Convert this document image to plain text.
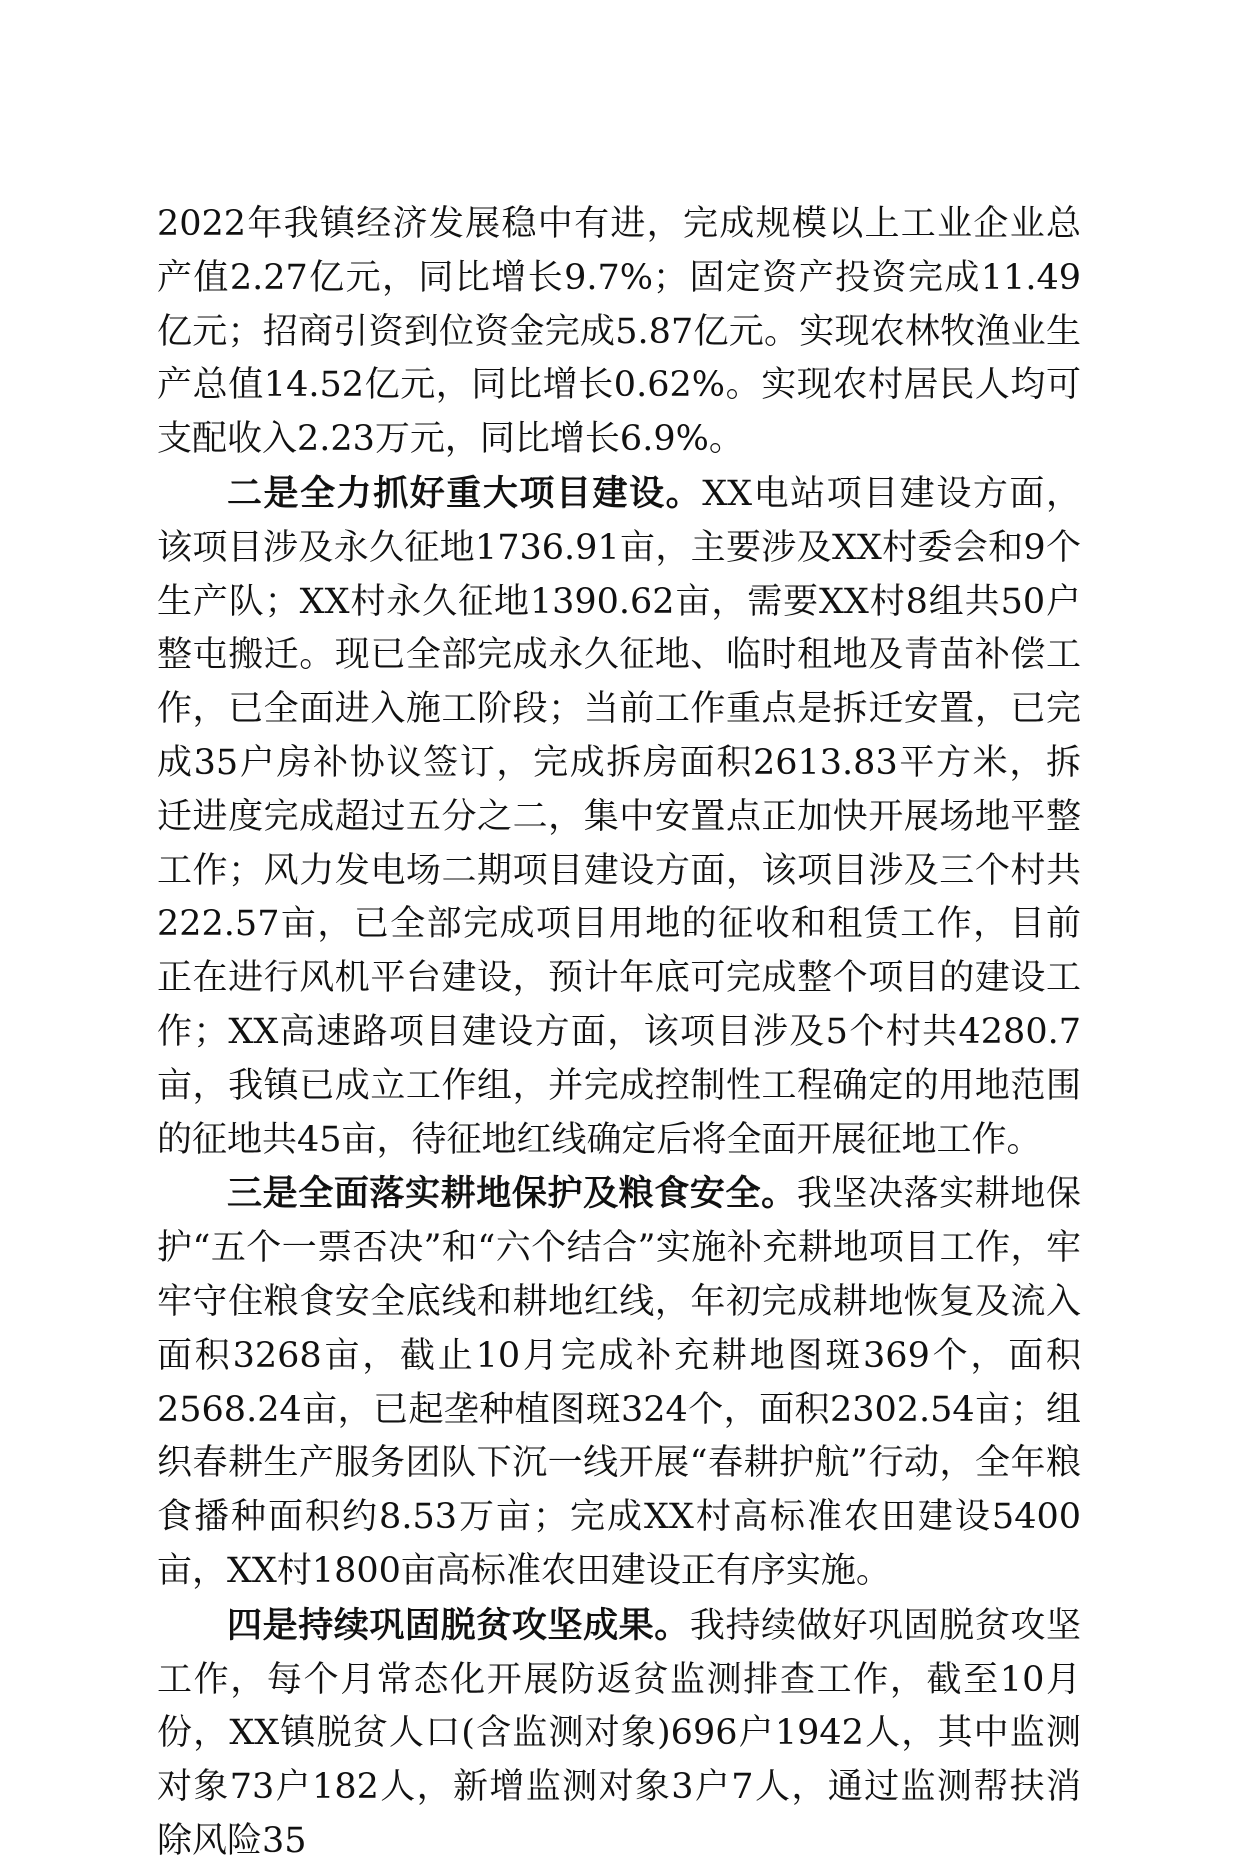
2022年我镇经济发展稳中有进，完成规模以上工业企业总产值2.27亿元，同比增长9.7%；固定资产投资完成11.49亿元；招商引资到位资金完成5.87亿元。实现农林牧渔业生产总值14.52亿元，同比增长0.62%。实现农村居民人均可支配收入2.23万元，同比增长6.9%。

二是全力抓好重大项目建设。XX电站项目建设方面，该项目涉及永久征地1736.91亩，主要涉及XX村委会和9个生产队；XX村永久征地1390.62亩，需要XX村8组共50户整屯搬迁。现已全部完成永久征地、临时租地及青苗补偿工作，已全面进入施工阶段；当前工作重点是拆迁安置，已完成35户房补协议签订，完成拆房面积2613.83平方米，拆迁进度完成超过五分之二，集中安置点正加快开展场地平整工作；风力发电场二期项目建设方面，该项目涉及三个村共222.57亩，已全部完成项目用地的征收和租赁工作，目前正在进行风机平台建设，预计年底可完成整个项目的建设工作；XX高速路项目建设方面，该项目涉及5个村共4280.7亩，我镇已成立工作组，并完成控制性工程确定的用地范围的征地共45亩，待征地红线确定后将全面开展征地工作。

三是全面落实耕地保护及粮食安全。我坚决落实耕地保护“五个一票否决”和“六个结合”实施补充耕地项目工作，牢牢守住粮食安全底线和耕地红线，年初完成耕地恢复及流入面积3268亩，截止10月完成补充耕地图斑369个，面积2568.24亩，已起垄种植图斑324个，面积2302.54亩；组织春耕生产服务团队下沉一线开展“春耕护航”行动，全年粮食播种面积约8.53万亩；完成XX村高标准农田建设5400亩，XX村1800亩高标准农田建设正有序实施。

四是持续巩固脱贫攻坚成果。我持续做好巩固脱贫攻坚工作，每个月常态化开展防返贫监测排查工作，截至10月份，XX镇脱贫人口(含监测对象)696户1942人，其中监测对象73户182人，新增监测对象3户7人，通过监测帮扶消除风险35
